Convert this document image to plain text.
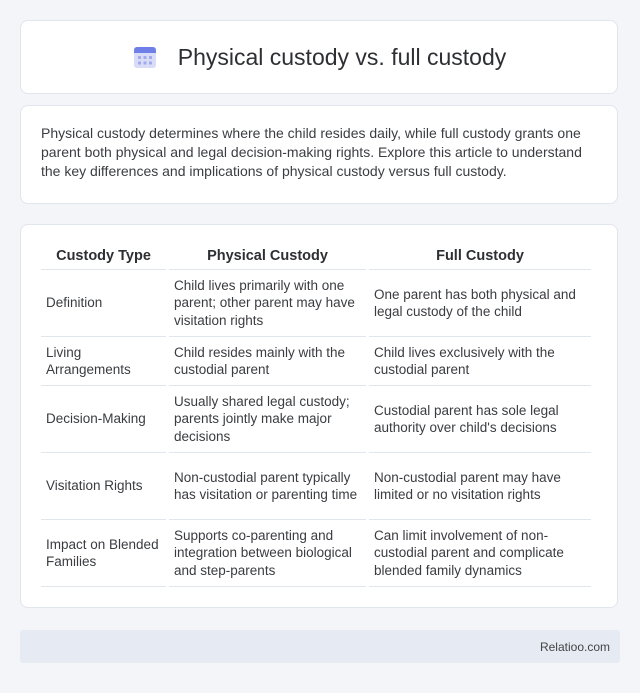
Physical custody vs. full custody

Physical custody determines where the child resides daily, while full custody grants one parent both physical and legal decision-making rights. Explore this article to understand the key differences and implications of physical custody versus full custody.

Custody Type	Physical Custody	Full Custody
Definition	Child lives primarily with one parent; other parent may have visitation rights	One parent has both physical and legal custody of the child
Living Arrangements	Child resides mainly with the custodial parent	Child lives exclusively with the custodial parent
Decision-Making	Usually shared legal custody; parents jointly make major decisions	Custodial parent has sole legal authority over child's decisions
Visitation Rights	Non-custodial parent typically has visitation or parenting time	Non-custodial parent may have limited or no visitation rights
Impact on Blended Families	Supports co-parenting and integration between biological and step-parents	Can limit involvement of non-custodial parent and complicate blended family dynamics
Relatioo.com
